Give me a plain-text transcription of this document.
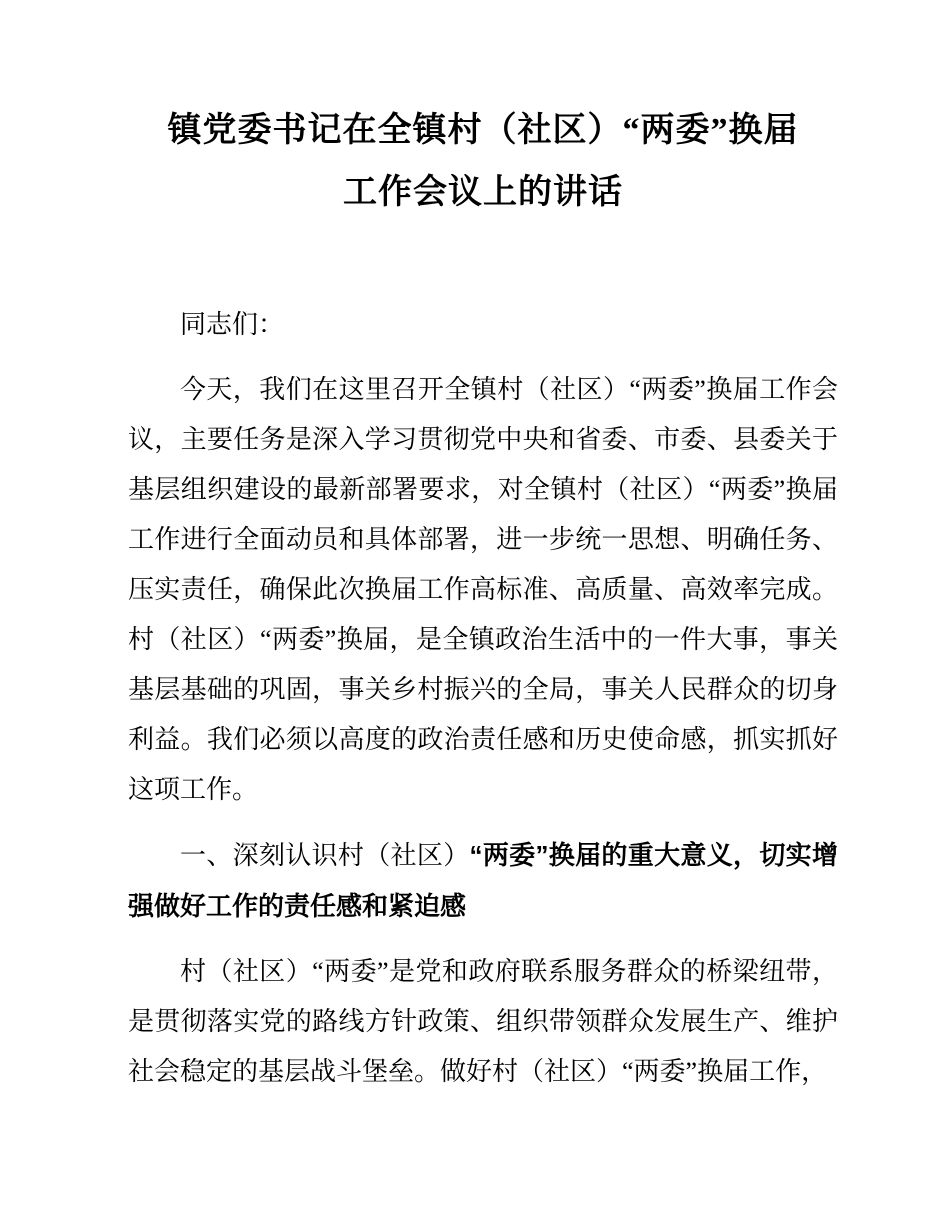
镇党委书记在全镇村（社区）“两委”换届
工作会议上的讲话

同志们：

今天，我们在这里召开全镇村（社区）“两委”换届工作会议，主要任务是深入学习贯彻党中央和省委、市委、县委关于基层组织建设的最新部署要求，对全镇村（社区）“两委”换届工作进行全面动员和具体部署，进一步统一思想、明确任务、压实责任，确保此次换届工作高标准、高质量、高效率完成。村（社区）“两委”换届，是全镇政治生活中的一件大事，事关基层基础的巩固，事关乡村振兴的全局，事关人民群众的切身利益。我们必须以高度的政治责任感和历史使命感，抓实抓好这项工作。

一、深刻认识村（社区）“两委”换届的重大意义，切实增强做好工作的责任感和紧迫感

村（社区）“两委”是党和政府联系服务群众的桥梁纽带，是贯彻落实党的路线方针政策、组织带领群众发展生产、维护社会稳定的基层战斗堡垒。做好村（社区）“两委”换届工作，
